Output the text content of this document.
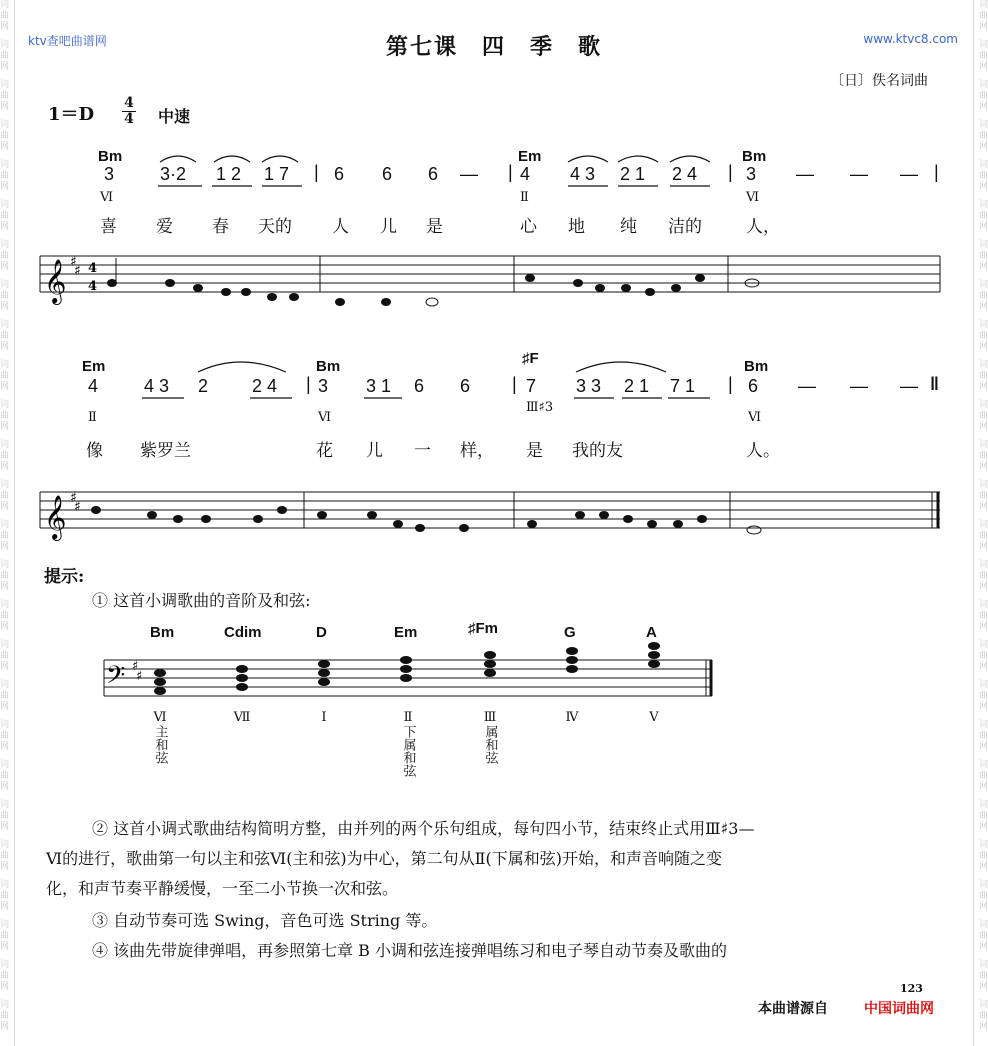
词
曲
网
词
曲
网
词
曲
网
词
曲
网
词
曲
网
词
曲
网
词
曲
网
词
曲
网
词
曲
网
词
曲
网
词
曲
网
词
曲
网
词
曲
网
词
曲
网
词
曲
网
词
曲
网
词
曲
网
词
曲
网
词
曲
网
词
曲
网
词
曲
网
词
曲
网
词
曲
网
词
曲
网
词
曲
网
词
曲
网
词
曲
网
词
曲
网
词
曲
网
词
曲
网
词
曲
网
词
曲
网
词
曲
网
词
曲
网
词
曲
网
词
曲
网
词
曲
网
词
曲
网
词
曲
网
词
曲
网
词
曲
网
词
曲
网
词
曲
网
词
曲
网
词
曲
网
词
曲
网
词
曲
网
词
曲
网
词
曲
网
词
曲
网
词
曲
网
词
曲
网
ktv查吧曲谱网	www.ktvc8.com
第七课　四　季　歌
〔日〕佚名词曲
1＝D
4
4 中速
Bm	Em	Bm
3	3·2 1 2 1 7 | 6 6 6 — | 4 4 3 2 1 2 4 | 3 — — — |
Ⅵ	Ⅱ	Ⅵ
喜 爱 春 天的 人 儿 是	心 地 纯 洁的	人，
Em	Bm	♯F	Bm
4	4 3 2 2 4 | 3 3 1 6 6 | 7 3 3 2 1 7 1 | 6 — — — ‖
Ⅱ	Ⅵ
Ⅲ♯3
Ⅵ
像 紫罗兰	花 儿 一 样， 是 我的友	人。
𝄞 ♯
♯ 4
4
𝄞 ♯
♯
𝄢 ♯
♯
提示:
① 这首小调歌曲的音阶及和弦:
Bm	Cdim	D	Em	♯Fm	G	A
Ⅵ
主和弦
Ⅶ	Ⅰ	Ⅱ
下属和弦
Ⅲ
属和弦
Ⅳ	Ⅴ
② 这首小调式歌曲结构简明方整，由并列的两个乐句组成，每句四小节，结束终止式用Ⅲ♯3—
Ⅵ的进行，歌曲第一句以主和弦Ⅵ(主和弦)为中心，第二句从Ⅱ(下属和弦)开始，和声音响随之变
化，和声节奏平静缓慢，一至二小节换一次和弦。
③ 自动节奏可选 Swing，音色可选 String 等。
④ 该曲先带旋律弹唱，再参照第七章 B 小调和弦连接弹唱练习和电子琴自动节奏及歌曲的
123
本曲谱源自	中国词曲网
